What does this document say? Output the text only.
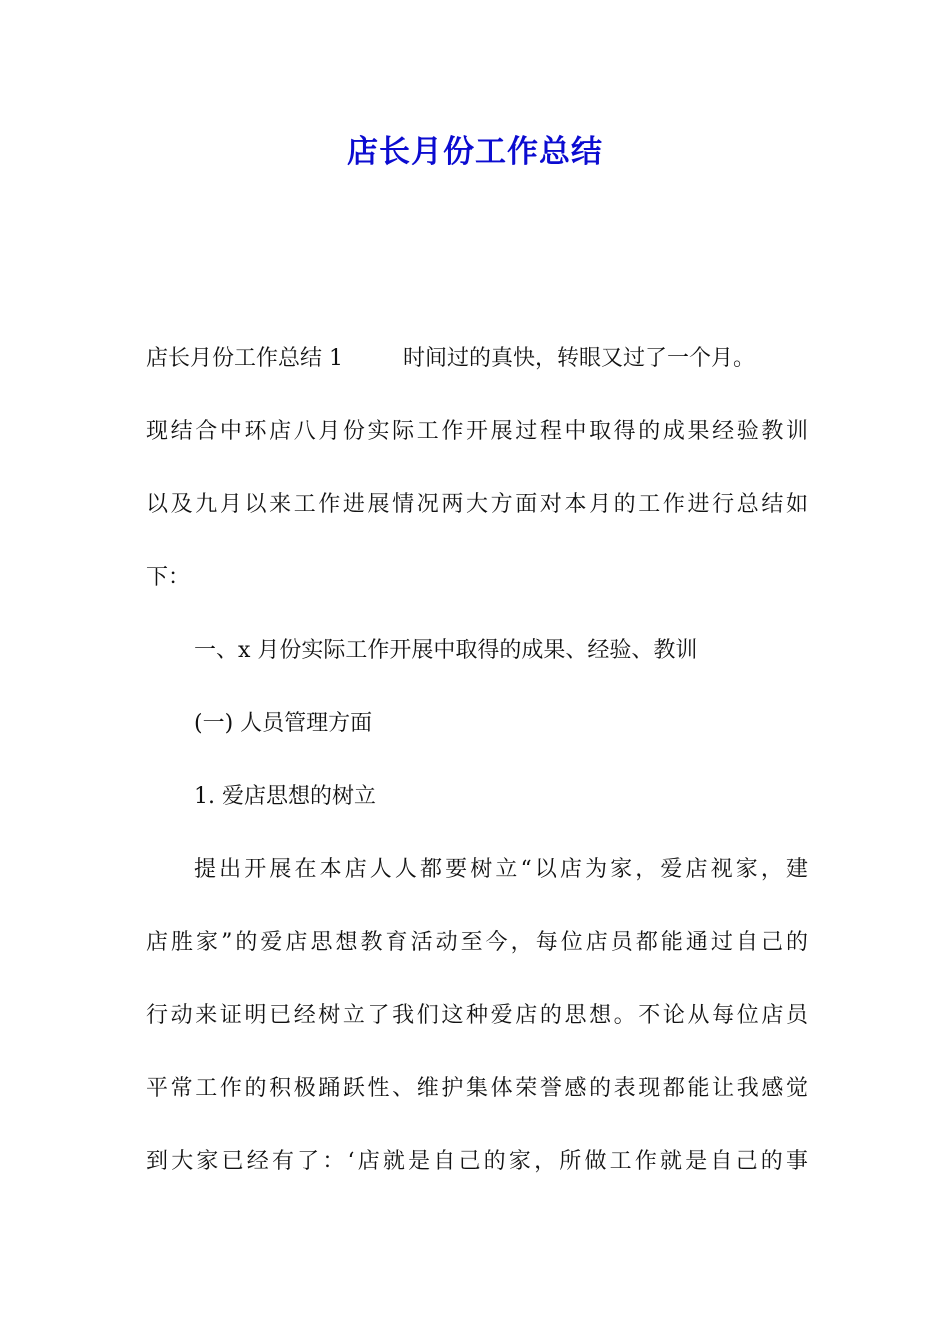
店长月份工作总结
店长月份工作总结 1	时间过的真快，转眼又过了一个月。
现结合中环店八月份实际工作开展过程中取得的成果经验教训
以及九月以来工作进展情况两大方面对本月的工作进行总结如
下：
一、x 月份实际工作开展中取得的成果、经验、教训
(一) 人员管理方面
1. 爱店思想的树立
提出开展在本店人人都要树立“以店为家，爱店视家，建
店胜家”的爱店思想教育活动至今，每位店员都能通过自己的
行动来证明已经树立了我们这种爱店的思想。不论从每位店员
平常工作的积极踊跃性、维护集体荣誉感的表现都能让我感觉
到大家已经有了：‘店就是自己的家，所做工作就是自己的事
